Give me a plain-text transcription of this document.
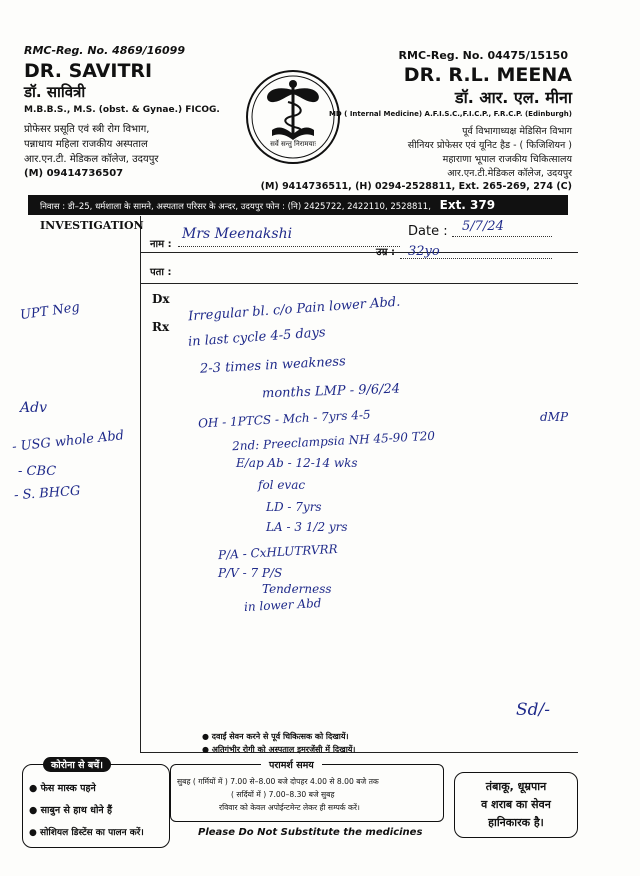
RMC-Reg. No. 4869/16099
DR. SAVITRI
डॉ. सावित्री
M.B.B.S., M.S. (obst. & Gynae.) FICOG.
प्रोफेसर प्रसूति एवं स्त्री रोग विभाग,
पन्नाधाय महिला राजकीय अस्पताल
आर.एन.टी. मेडिकल कॉलेज, उदयपुर
(M) 09414736507
सर्वे सन्तु निरामयाः
RMC-Reg. No. 04475/15150
DR. R.L. MEENA
डॉ. आर. एल. मीना
MD ( Internal Medicine) A.F.I.S.C.,F.I.C.P., F.R.C.P. (Edinburgh)
पूर्व विभागाध्यक्ष मेडिसिन विभाग
सीनियर प्रोफेसर एवं यूनिट हैड - ( फिजिशियन )
महाराणा भूपाल राजकीय चिकित्सालय
आर.एन.टी.मेडिकल कॉलेज, उदयपुर
(M) 9414736511, (H) 0294-2528811, Ext. 265-269, 274 (C)
निवास : डी–25, धर्मशाला के सामने, अस्पताल परिसर के अन्दर, उदयपुर फोन : (नि) 2425722, 2422110, 2528811, Ext. 379
INVESTIGATION
नाम :
Date :
उम्र :
पता :
Dx
Rx
Mrs Meenakshi	5/7/24
32yo
UPT Neg
Adv
- USG whole Abd
- CBC
- S. BHCG
Irregular bl. c/o Pain lower Abd.
in last cycle 4-5 days
2-3 times in weakness
months LMP - 9/6/24
OH - 1PTCS - Mch - 7yrs 4-5
2nd: Preeclampsia NH 45-90 T20
E/ap Ab - 12-14 wks
fol evac
LD - 7yrs
LA - 3 1/2 yrs
P/A - CxHLUTRVRR
P/V - 7 P/S
Tenderness
in lower Abd
dMP
Sd/-
● दवाईं सेवन करने से पूर्व चिकित्सक को दिखायें।
● अतिगंभीर रोगी को अस्पताल इमरजेंसी में दिखायें।
कोरोना से बचें।
● फेस मास्क पहने
● साबुन से हाथ धोने हैं
● सोशियल डिस्टेंस का पालन करें।
परामर्श समय
सुबह ( गर्मियों में ) 7.00 से–8.00 बजे दोपहर 4.00 से 8.00 बजे तक
( सर्दियों में ) 7.00–8.30 बजे सुबह
रविवार को केवल अपोईन्टमेन्ट लेकर ही सम्पर्क करें।
Please Do Not Substitute the medicines
तंबाकू, धूम्रपान
व शराब का सेवन
हानिकारक है।
